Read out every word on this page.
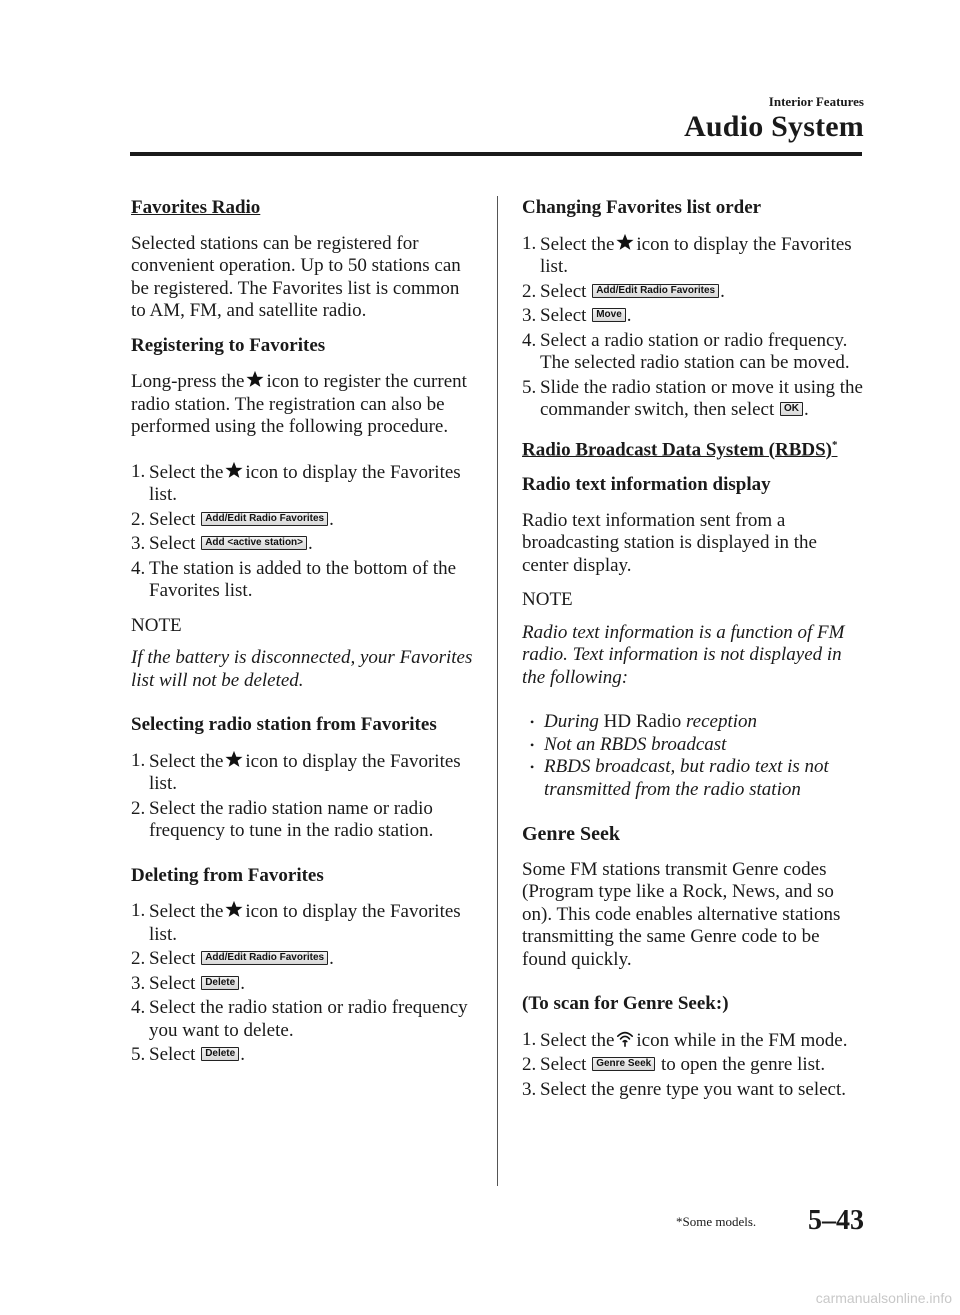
Interior Features
Audio System
Favorites Radio

Selected stations can be registered for convenient operation. Up to 50 stations can be registered. The Favorites list is common to AM, FM, and satellite radio.

Registering to Favorites

Long-press the icon to register the current radio station. The registration can also be performed using the following procedure.

1. Select the icon to display the Favorites list.
2. Select Add/Edit Radio Favorites .
3. Select Add <active station> .
4. The station is added to the bottom of the Favorites list.
NOTE

If the battery is disconnected, your Favorites list will not be deleted.

Selecting radio station from Favorites
1. Select the icon to display the Favorites list.
2. Select the radio station name or radio frequency to tune in the radio station.
Deleting from Favorites
1. Select the icon to display the Favorites list.
2. Select Add/Edit Radio Favorites .
3. Select Delete .
4. Select the radio station or radio frequency you want to delete.
5. Select Delete .
Changing Favorites list order
1. Select the icon to display the Favorites list.
2. Select Add/Edit Radio Favorites .
3. Select Move .
4. Select a radio station or radio frequency. The selected radio station can be moved.
5. Slide the radio station or move it using the commander switch, then select OK .
Radio Broadcast Data System (RBDS)*
Radio text information display

Radio text information sent from a broadcasting station is displayed in the center display.

NOTE

Radio text information is a function of FM radio. Text information is not displayed in the following:

• During HD Radio reception
• Not an RBDS broadcast
• RBDS broadcast, but radio text is not transmitted from the radio station
Genre Seek

Some FM stations transmit Genre codes (Program type like a Rock, News, and so on). This code enables alternative stations transmitting the same Genre code to be found quickly.

(To scan for Genre Seek:)
1. Select the icon while in the FM mode.
2. Select Genre Seek to open the genre list.
3. Select the genre type you want to select.
*Some models. 5–43
carmanualsonline.info
